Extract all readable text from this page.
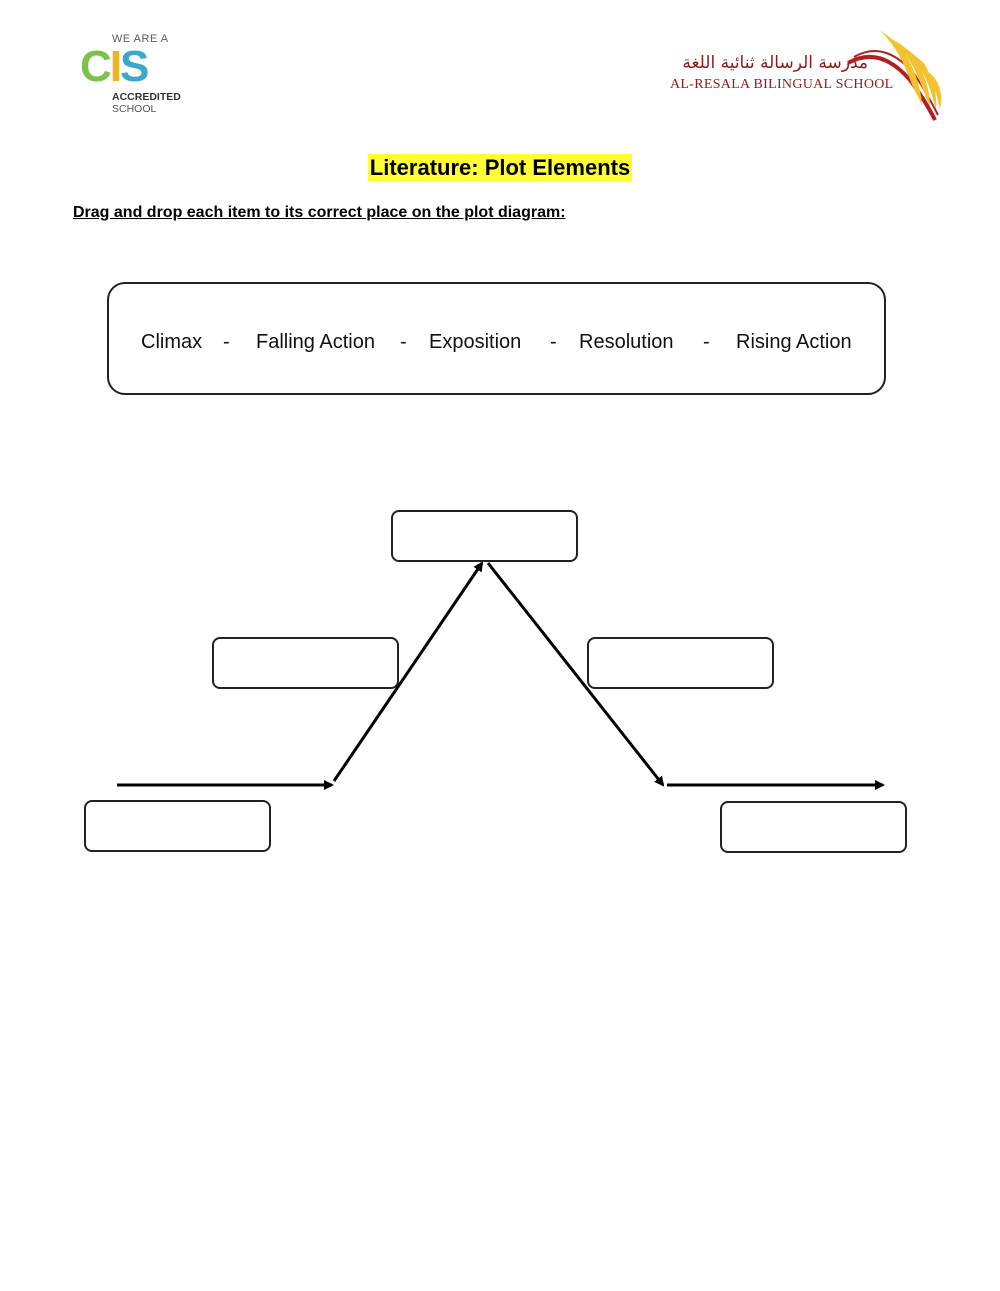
WE ARE A
CIS
ACCREDITED
SCHOOL
مدرسة الرسالة ثنائية اللغة
AL-RESALA BILINGUAL SCHOOL
Literature: Plot Elements
Drag and drop each item to its correct place on the plot diagram:
Climax - Falling Action - Exposition - Resolution - Rising Action
